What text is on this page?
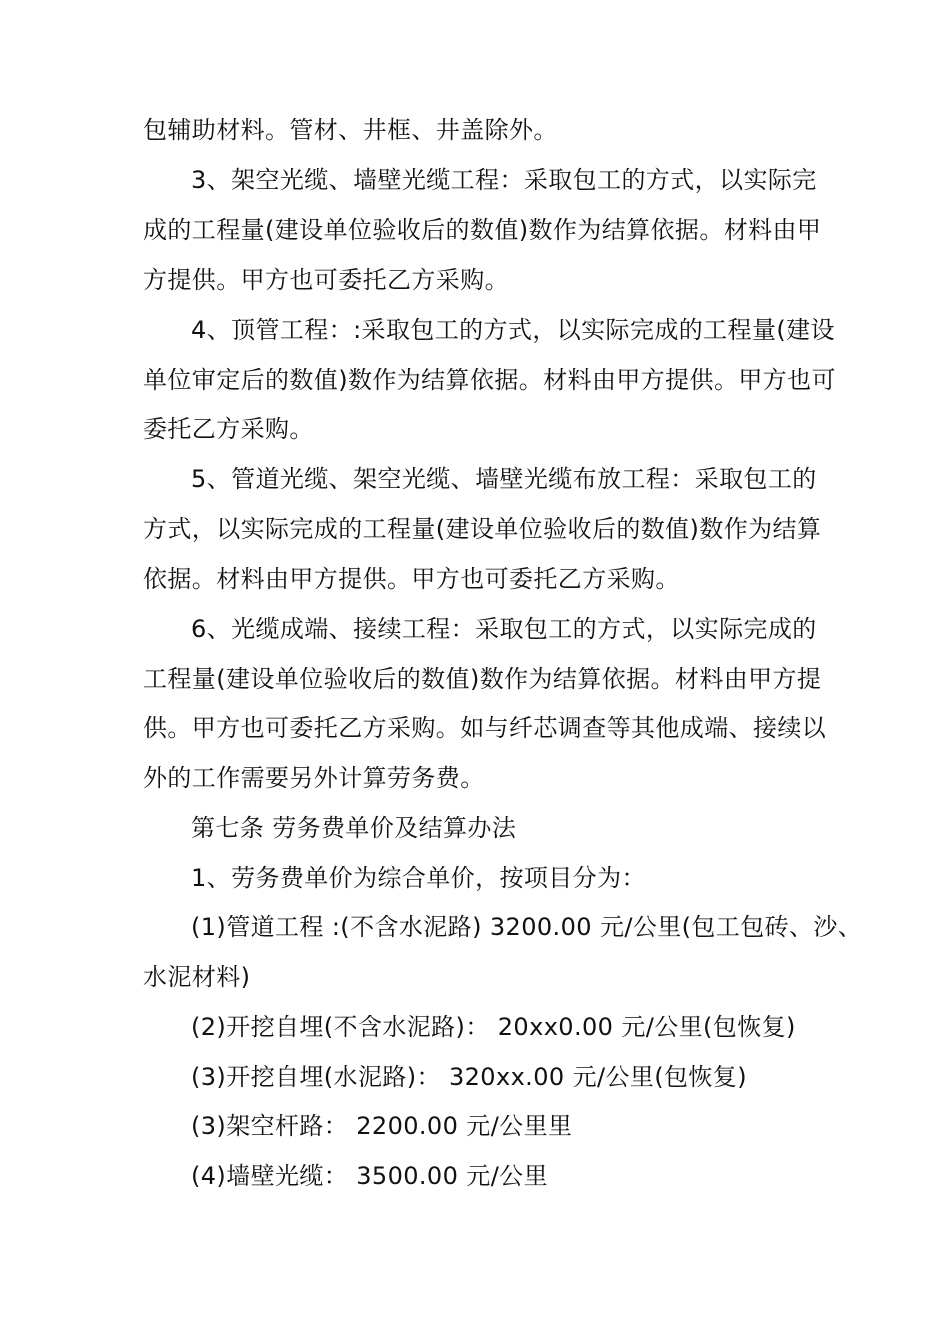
包辅助材料。管材、井框、井盖除外。
3、架空光缆、墙壁光缆工程：采取包工的方式，以实际完
成的工程量(建设单位验收后的数值)数作为结算依据。材料由甲
方提供。甲方也可委托乙方采购。
4、顶管工程：:采取包工的方式，以实际完成的工程量(建设
单位审定后的数值)数作为结算依据。材料由甲方提供。甲方也可
委托乙方采购。
5、管道光缆、架空光缆、墙壁光缆布放工程：采取包工的
方式，以实际完成的工程量(建设单位验收后的数值)数作为结算
依据。材料由甲方提供。甲方也可委托乙方采购。
6、光缆成端、接续工程：采取包工的方式，以实际完成的
工程量(建设单位验收后的数值)数作为结算依据。材料由甲方提
供。甲方也可委托乙方采购。如与纤芯调查等其他成端、接续以
外的工作需要另外计算劳务费。
第七条 劳务费单价及结算办法
1、劳务费单价为综合单价，按项目分为：
(1)管道工程 :(不含水泥路) 3200.00 元/公里(包工包砖、沙、
水泥材料)
(2)开挖自埋(不含水泥路)： 20xx0.00 元/公里(包恢复)
(3)开挖自埋(水泥路)： 320xx.00 元/公里(包恢复)
(3)架空杆路： 2200.00 元/公里里
(4)墙壁光缆： 3500.00 元/公里
